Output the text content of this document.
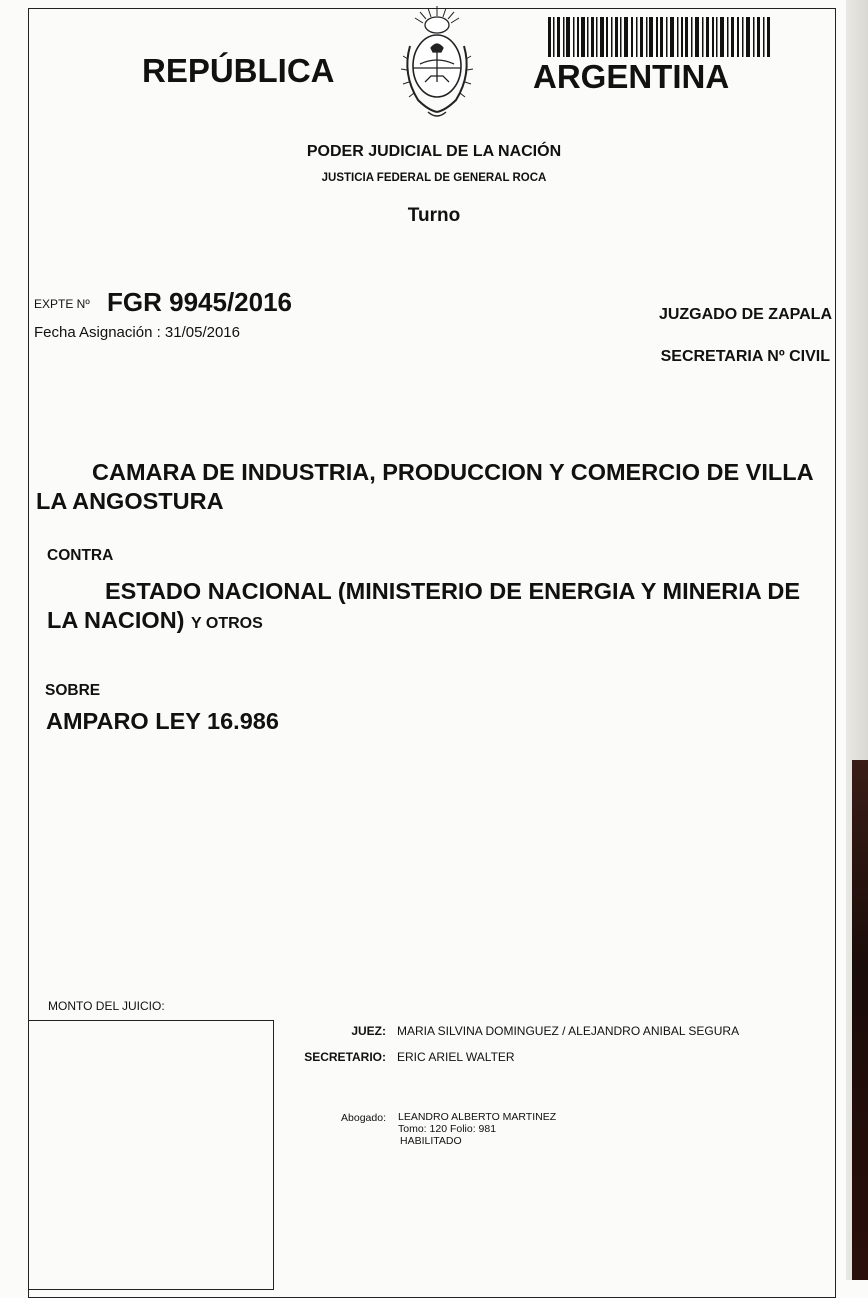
REPÚBLICA	ARGENTINA
PODER JUDICIAL DE LA NACIÓN
JUSTICIA FEDERAL DE GENERAL ROCA
Turno
EXPTE Nº FGR 9945/2016
Fecha Asignación : 31/05/2016
JUZGADO DE ZAPALA
SECRETARIA Nº CIVIL
CAMARA DE INDUSTRIA, PRODUCCION Y COMERCIO DE VILLA LA ANGOSTURA
CONTRA
ESTADO NACIONAL (MINISTERIO DE ENERGIA Y MINERIA DE LA NACION) Y OTROS
SOBRE
AMPARO LEY 16.986
MONTO DEL JUICIO:
JUEZ: MARIA SILVINA DOMINGUEZ / ALEJANDRO ANIBAL SEGURA
SECRETARIO: ERIC ARIEL WALTER
Abogado: LEANDRO ALBERTO MARTINEZ
Tomo: 120 Folio: 981
HABILITADO
